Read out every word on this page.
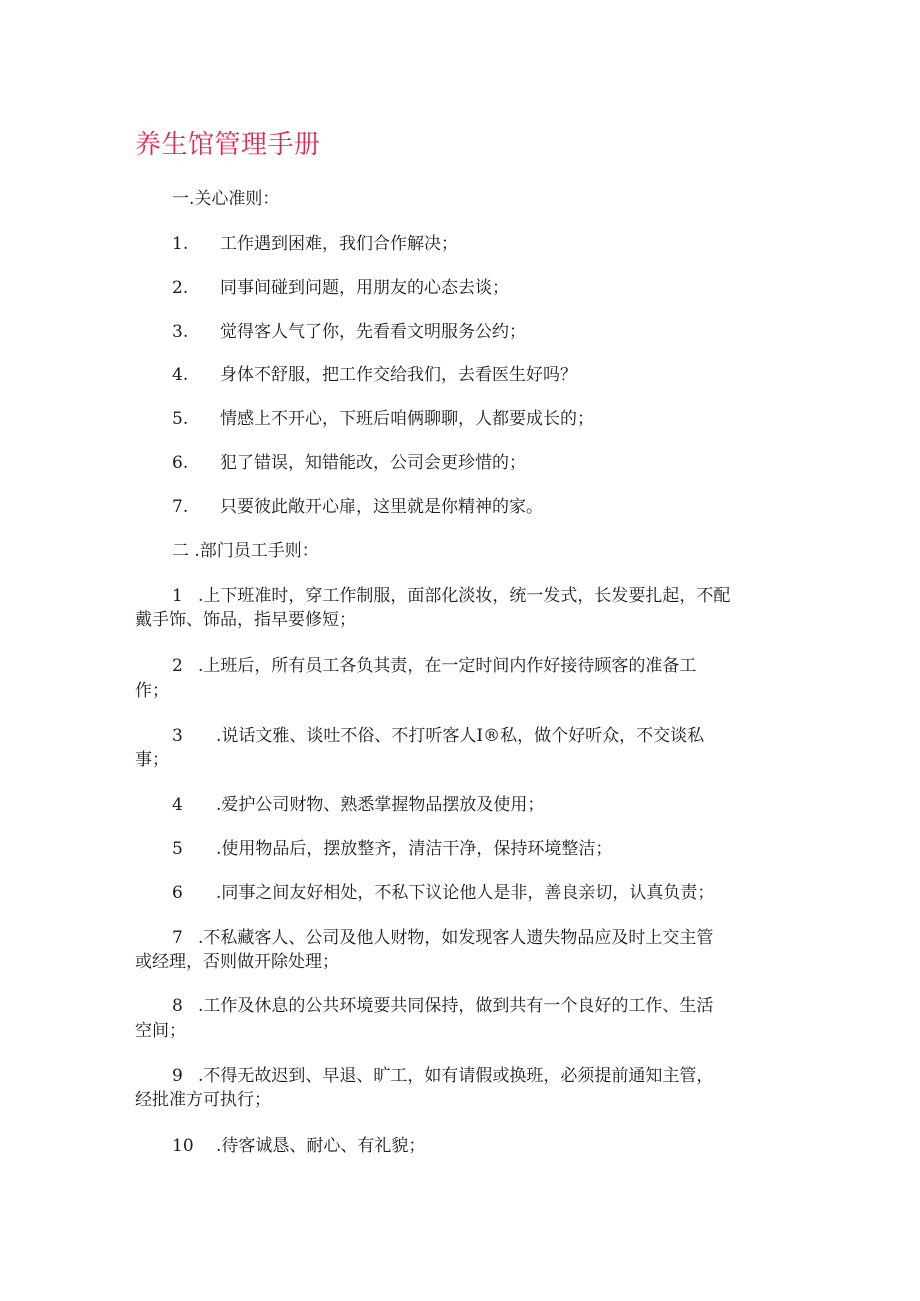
养生馆管理手册
一.关心准则：
1. 工作遇到困难，我们合作解决；
2. 同事间碰到问题，用朋友的心态去谈；
3. 觉得客人气了你，先看看文明服务公约；
4. 身体不舒服，把工作交给我们，去看医生好吗？
5. 情感上不开心，下班后咱俩聊聊，人都要成长的；
6. 犯了错误，知错能改，公司会更珍惜的；
7. 只要彼此敞开心扉，这里就是你精神的家。
二 .部门员工手则：
1 .上下班准时，穿工作制服，面部化淡妆，统一发式，长发要扎起，不配
戴手饰、饰品，指早要修短；
2 .上班后，所有员工各负其责，在一定时间内作好接待顾客的准备工
作；
3 .说话文雅、谈吐不俗、不打听客人I®私，做个好听众，不交谈私
事；
4 .爱护公司财物、熟悉掌握物品摆放及使用；
5 .使用物品后，摆放整齐，清洁干净，保持环境整洁；
6 .同事之间友好相处，不私下议论他人是非，善良亲切，认真负责；
7 .不私藏客人、公司及他人财物，如发现客人遗失物品应及时上交主管
或经理，否则做开除处理；
8 .工作及休息的公共环境要共同保持，做到共有一个良好的工作、生活
空间；
9 .不得无故迟到、早退、旷工，如有请假或换班，必须提前通知主管，
经批准方可执行；
10 .待客诚恳、耐心、有礼貌；
